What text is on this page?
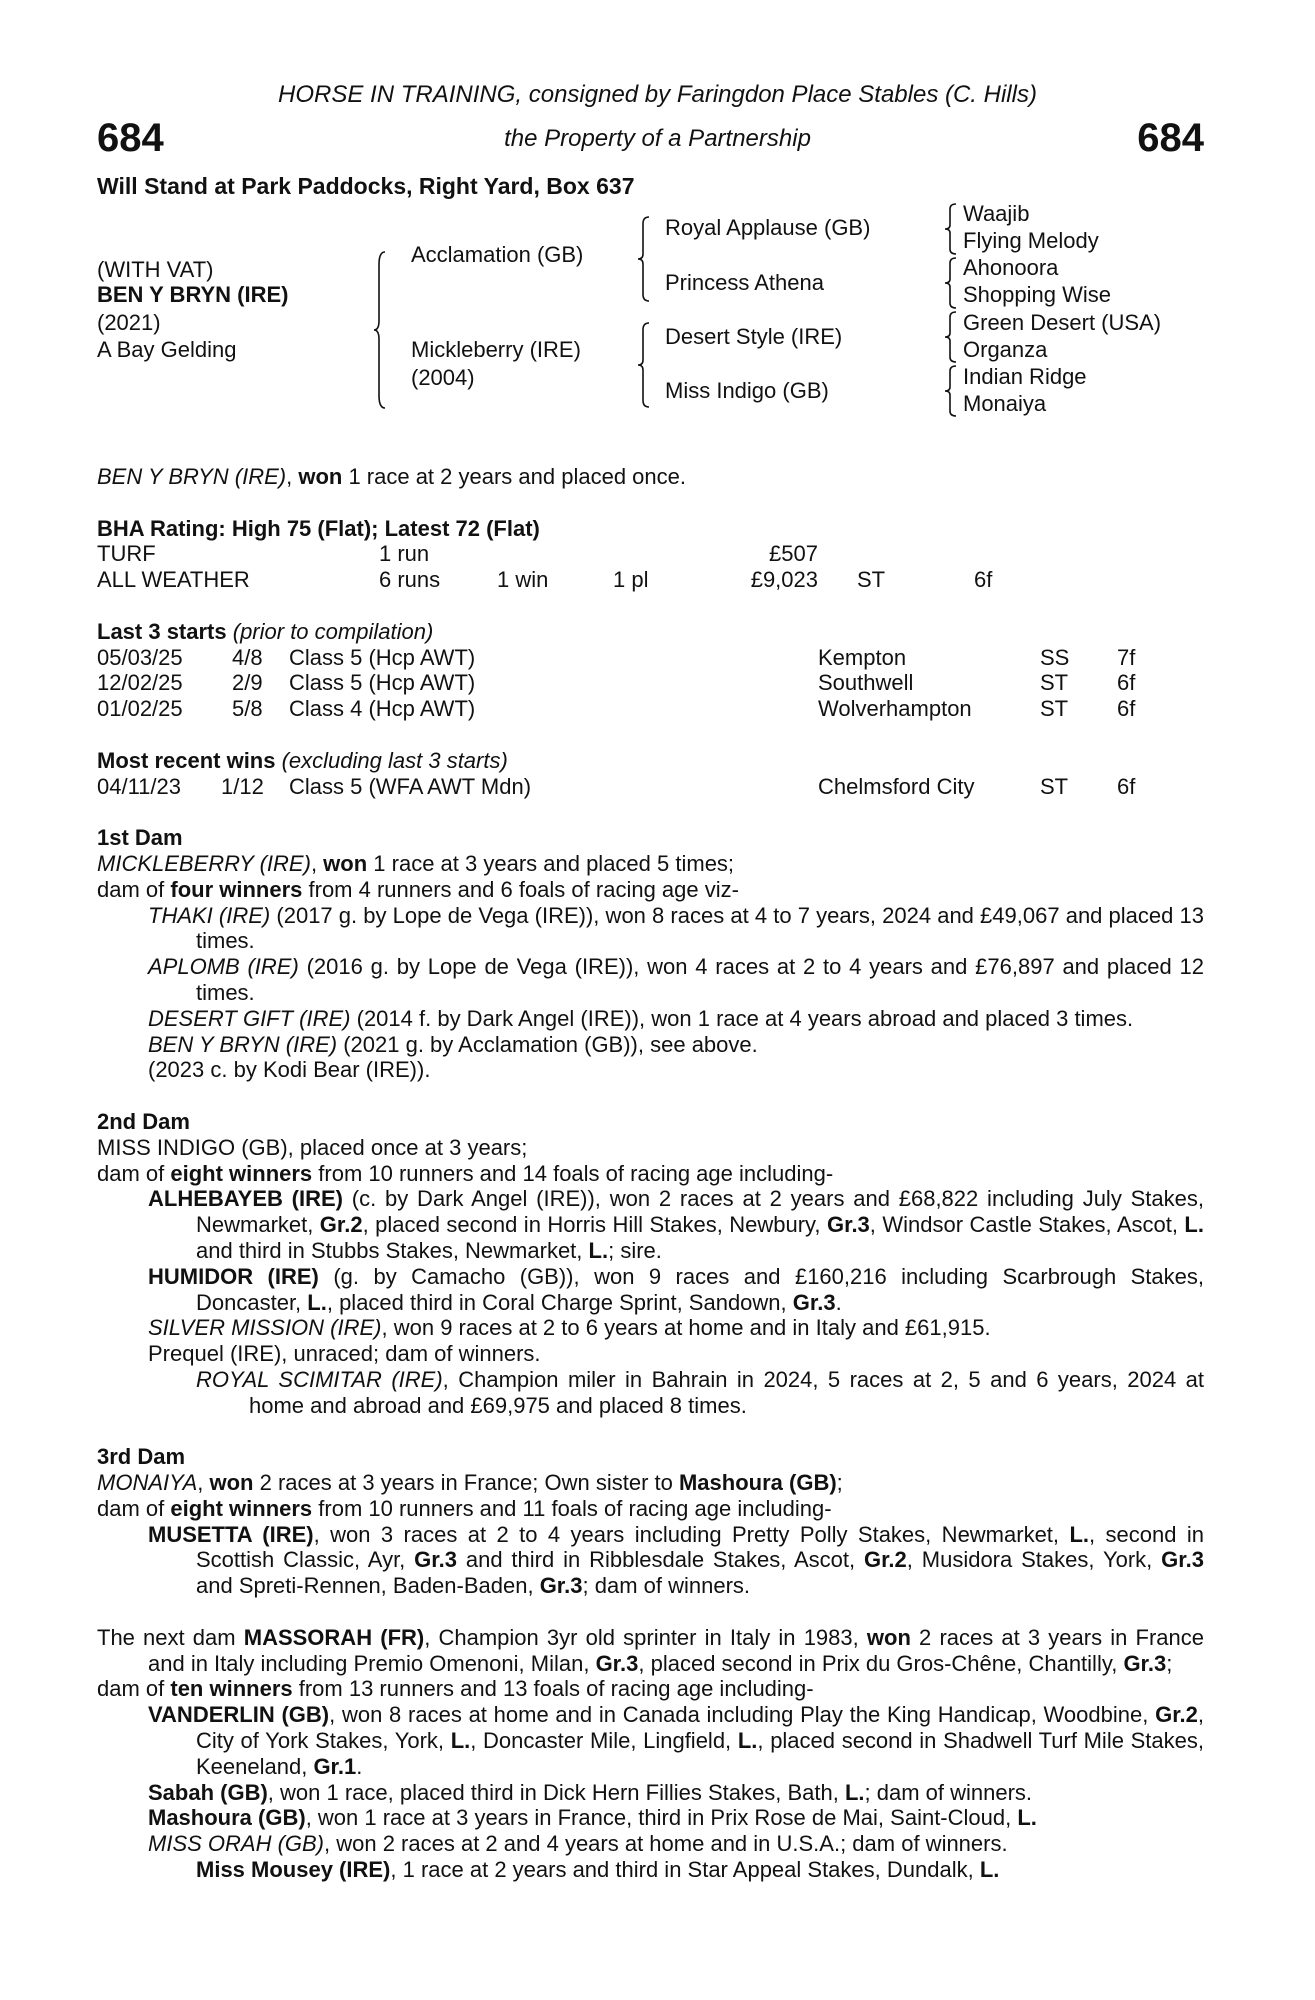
HORSE IN TRAINING, consigned by Faringdon Place Stables (C. Hills)
684	684
the Property of a Partnership
Will Stand at Park Paddocks, Right Yard, Box 637
(WITH VAT)
BEN Y BRYN (IRE)
(2021)
A Bay Gelding
Acclamation (GB)
Mickleberry (IRE)
(2004)
Royal Applause (GB)
Princess Athena
Desert Style (IRE)
Miss Indigo (GB)
Waajib
Flying Melody
Ahonoora
Shopping Wise
Green Desert (USA)
Organza
Indian Ridge
Monaiya

BEN Y BRYN (IRE), won 1 race at 2 years and placed once.

BHA Rating: High 75 (Flat); Latest 72 (Flat)
TURF	1 run	£507
ALL WEATHER	6 runs	1 win	1 pl	£9,023 ST	6f
Last 3 starts (prior to compilation)
05/03/25 4/8 Class 5 (Hcp AWT)	Kempton	SS 7f
12/02/25 2/9 Class 5 (Hcp AWT)	Southwell	ST 6f
01/02/25 5/8 Class 4 (Hcp AWT)	Wolverhampton	ST 6f
Most recent wins (excluding last 3 starts)
04/11/23 1/12 Class 5 (WFA AWT Mdn)	Chelmsford City	ST 6f
1st Dam

MICKLEBERRY (IRE), won 1 race at 3 years and placed 5 times;

dam of four winners from 4 runners and 6 foals of racing age viz-

THAKI (IRE) (2017 g. by Lope de Vega (IRE)), won 8 races at 4 to 7 years, 2024 and £49,067 and placed 13 times.

APLOMB (IRE) (2016 g. by Lope de Vega (IRE)), won 4 races at 2 to 4 years and £76,897 and placed 12 times.

DESERT GIFT (IRE) (2014 f. by Dark Angel (IRE)), won 1 race at 4 years abroad and placed 3 times.

BEN Y BRYN (IRE) (2021 g. by Acclamation (GB)), see above.

(2023 c. by Kodi Bear (IRE)).

2nd Dam

MISS INDIGO (GB), placed once at 3 years;

dam of eight winners from 10 runners and 14 foals of racing age including-

ALHEBAYEB (IRE) (c. by Dark Angel (IRE)), won 2 races at 2 years and £68,822 including July Stakes, Newmarket, Gr.2, placed second in Horris Hill Stakes, Newbury, Gr.3, Windsor Castle Stakes, Ascot, L. and third in Stubbs Stakes, Newmarket, L.; sire.

HUMIDOR (IRE) (g. by Camacho (GB)), won 9 races and £160,216 including Scarbrough Stakes, Doncaster, L., placed third in Coral Charge Sprint, Sandown, Gr.3.

SILVER MISSION (IRE), won 9 races at 2 to 6 years at home and in Italy and £61,915.

Prequel (IRE), unraced; dam of winners.

ROYAL SCIMITAR (IRE), Champion miler in Bahrain in 2024, 5 races at 2, 5 and 6 years, 2024 at home and abroad and £69,975 and placed 8 times.

3rd Dam

MONAIYA, won 2 races at 3 years in France; Own sister to Mashoura (GB);

dam of eight winners from 10 runners and 11 foals of racing age including-

MUSETTA (IRE), won 3 races at 2 to 4 years including Pretty Polly Stakes, Newmarket, L., second in Scottish Classic, Ayr, Gr.3 and third in Ribblesdale Stakes, Ascot, Gr.2, Musidora Stakes, York, Gr.3 and Spreti-Rennen, Baden-Baden, Gr.3; dam of winners.

The next dam MASSORAH (FR), Champion 3yr old sprinter in Italy in 1983, won 2 races at 3 years in France and in Italy including Premio Omenoni, Milan, Gr.3, placed second in Prix du Gros-Chêne, Chantilly, Gr.3;

dam of ten winners from 13 runners and 13 foals of racing age including-

VANDERLIN (GB), won 8 races at home and in Canada including Play the King Handicap, Woodbine, Gr.2, City of York Stakes, York, L., Doncaster Mile, Lingfield, L., placed second in Shadwell Turf Mile Stakes, Keeneland, Gr.1.

Sabah (GB), won 1 race, placed third in Dick Hern Fillies Stakes, Bath, L.; dam of winners.

Mashoura (GB), won 1 race at 3 years in France, third in Prix Rose de Mai, Saint-Cloud, L.

MISS ORAH (GB), won 2 races at 2 and 4 years at home and in U.S.A.; dam of winners.

Miss Mousey (IRE), 1 race at 2 years and third in Star Appeal Stakes, Dundalk, L.
